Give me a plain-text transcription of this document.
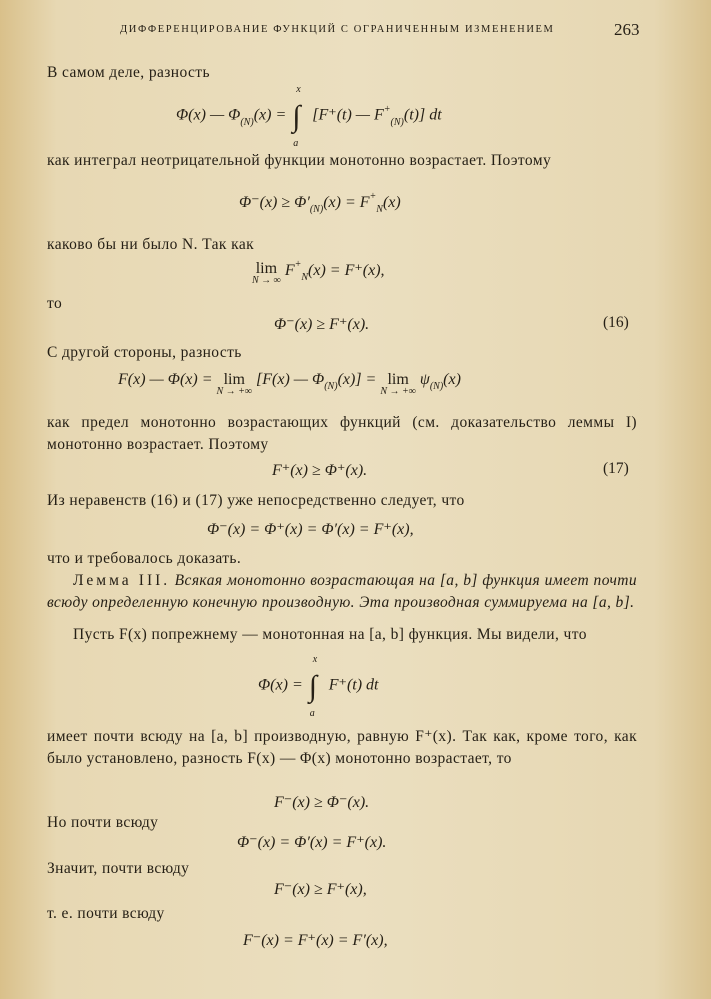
ДИФФЕРЕНЦИРОВАНИЕ ФУНКЦИЙ С ОГРАНИЧЕННЫМ ИЗМЕНЕНИЕМ	263
В самом деле, разность
Φ(x) — $\Phi_{(N)}(x)$ = ∫
x
a
[F⁺(t) — $F^+_{(N)}(t)$] dt
как интеграл неотрицательной функции монотонно возрастает. Поэтому
$\Phi^-(x) \ge \Phi'_{(N)}(x) = F^+_N(x)$
каково бы ни было N. Так как
lim
N → ∞
$F^+_N(x) = F^+(x)$,
то
Φ⁻(x) ≥ F⁺(x).	(16)
С другой стороны, разность
F(x) — Φ(x) = lim
N → +∞
[F(x) — $\Phi_{(N)}(x)] = \lim$
N → +∞
$\psi_{(N)}(x)$
как предел монотонно возрастающих функций (см. доказательство леммы I) монотонно возрастает. Поэтому
F⁺(x) ≥ Φ⁺(x).	(17)
Из неравенств (16) и (17) уже непосредственно следует, что
Φ⁻(x) = Φ⁺(x) = Φ′(x) = F⁺(x),
что и требовалось доказать.
Лемма III. Всякая монотонно возрастающая на [a, b] функция имеет почти всюду определенную конечную производную. Эта производная суммируема на [a, b].
Пусть F(x) попрежнему — монотонная на [a, b] функция. Мы видели, что
Φ(x) = ∫
x
a
F⁺(t) dt
имеет почти всюду на [a, b] производную, равную F⁺(x). Так как, кроме того, как было установлено, разность F(x) — Φ(x) монотонно возрастает, то
F⁻(x) ≥ Φ⁻(x).
Но почти всюду
Φ⁻(x) = Φ′(x) = F⁺(x).
Значит, почти всюду
F⁻(x) ≥ F⁺(x),
т. е. почти всюду
F⁻(x) = F⁺(x) = F′(x),
